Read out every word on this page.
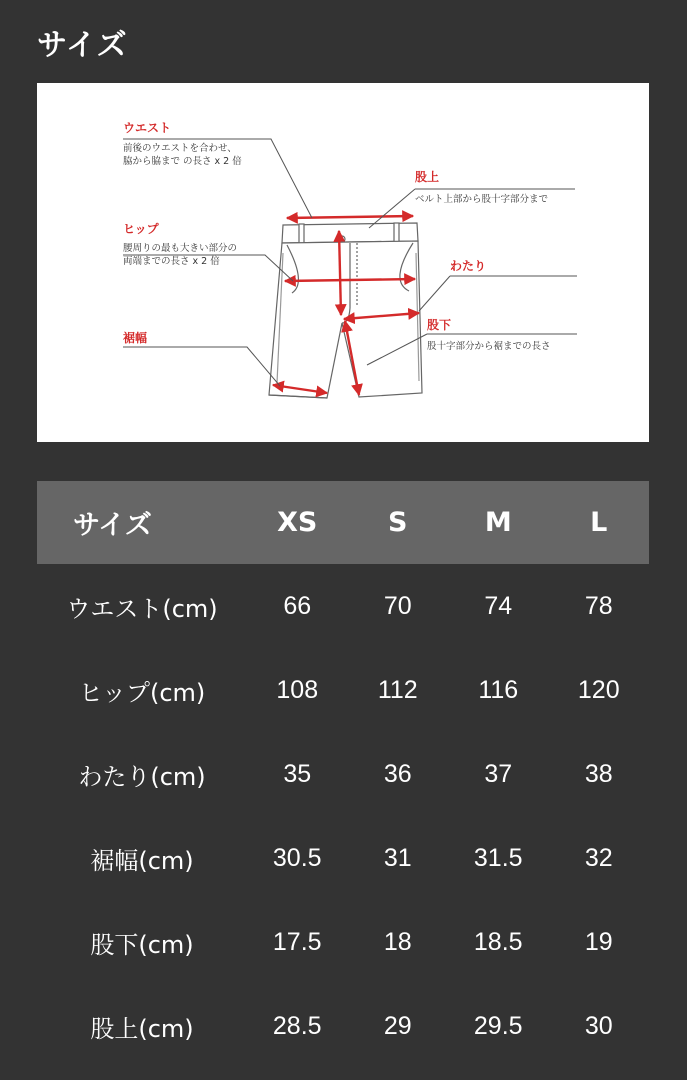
サイズ
ウエスト
前後のウエストを合わせ、
脇から脇まで の長さ x 2 倍
ヒップ
腰周りの最も大きい部分の
両端までの長さ x 2 倍
裾幅
股上
ベルト上部から股十字部分まで
わたり
股下
股十字部分から裾までの長さ
サイズ	XS	S	M	L
ウエスト(cm)	66	70	74	78
ヒップ(cm)	108	112	116	120
わたり(cm)	35	36	37	38
裾幅(cm)	30.5	31	31.5	32
股下(cm)	17.5	18	18.5	19
股上(cm)	28.5	29	29.5	30
